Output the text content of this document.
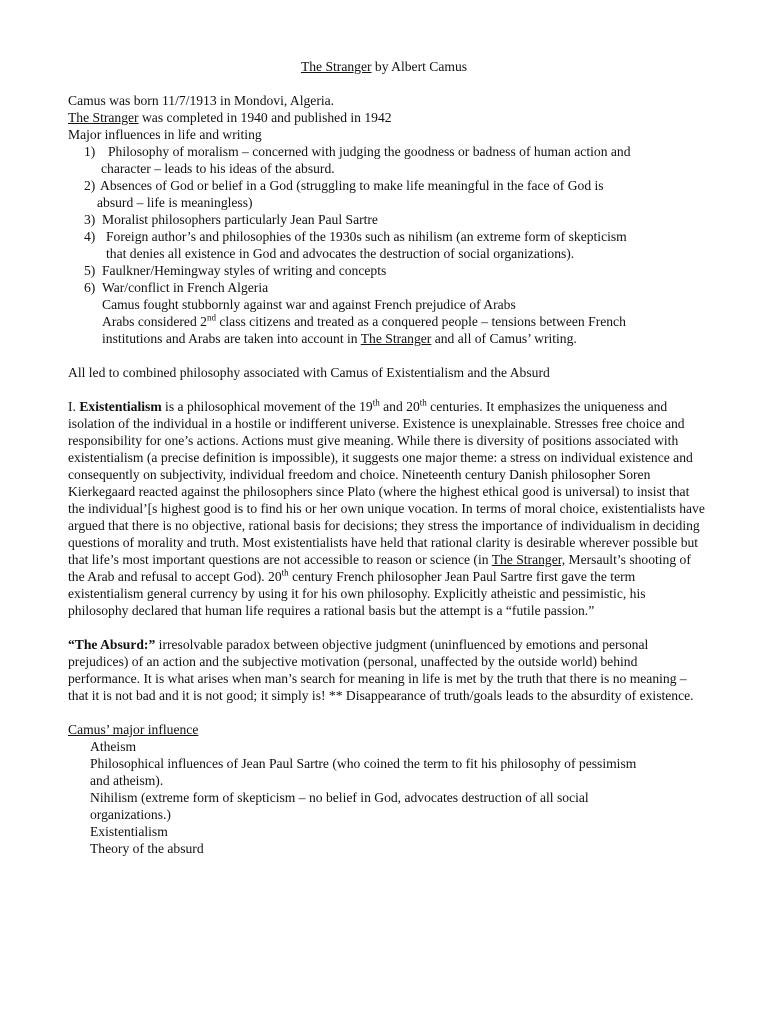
The Stranger by Albert Camus
Camus was born 11/7/1913 in Mondovi, Algeria.
The Stranger was completed in 1940 and published in 1942
Major influences in life and writing
1) Philosophy of moralism – concerned with judging the goodness or badness of human action and
character – leads to his ideas of the absurd.
2) Absences of God or belief in a God (struggling to make life meaningful in the face of God is
absurd – life is meaningless)
3) Moralist philosophers particularly Jean Paul Sartre
4) Foreign author’s and philosophies of the 1930s such as nihilism (an extreme form of skepticism
that denies all existence in God and advocates the destruction of social organizations).
5) Faulkner/Hemingway styles of writing and concepts
6) War/conflict in French Algeria
Camus fought stubbornly against war and against French prejudice of Arabs
Arabs considered 2nd class citizens and treated as a conquered people – tensions between French
institutions and Arabs are taken into account in The Stranger and all of Camus’ writing.
All led to combined philosophy associated with Camus of Existentialism and the Absurd

I. Existentialism is a philosophical movement of the 19th and 20th centuries. It emphasizes the uniqueness and isolation of the individual in a hostile or indifferent universe. Existence is unexplainable. Stresses free choice and responsibility for one’s actions. Actions must give meaning. While there is diversity of positions associated with existentialism (a precise definition is impossible), it suggests one major theme: a stress on individual existence and consequently on subjectivity, individual freedom and choice. Nineteenth century Danish philosopher Soren Kierkegaard reacted against the philosophers since Plato (where the highest ethical good is universal) to insist that the individual’[s highest good is to find his or her own unique vocation. In terms of moral choice, existentialists have argued that there is no objective, rational basis for decisions; they stress the importance of individualism in deciding questions of morality and truth. Most existentialists have held that rational clarity is desirable wherever possible but that life’s most important questions are not accessible to reason or science (in The Stranger, Mersault’s shooting of the Arab and refusal to accept God). 20th century French philosopher Jean Paul Sartre first gave the term existentialism general currency by using it for his own philosophy. Explicitly atheistic and pessimistic, his philosophy declared that human life requires a rational basis but the attempt is a “futile passion.”

“The Absurd:” irresolvable paradox between objective judgment (uninfluenced by emotions and personal prejudices) of an action and the subjective motivation (personal, unaffected by the outside world) behind performance. It is what arises when man’s search for meaning in life is met by the truth that there is no meaning – that it is not bad and it is not good; it simply is! ** Disappearance of truth/goals leads to the absurdity of existence.

Camus’ major influence
Atheism
Philosophical influences of Jean Paul Sartre (who coined the term to fit his philosophy of pessimism
and atheism).
Nihilism (extreme form of skepticism – no belief in God, advocates destruction of all social
organizations.)
Existentialism
Theory of the absurd
